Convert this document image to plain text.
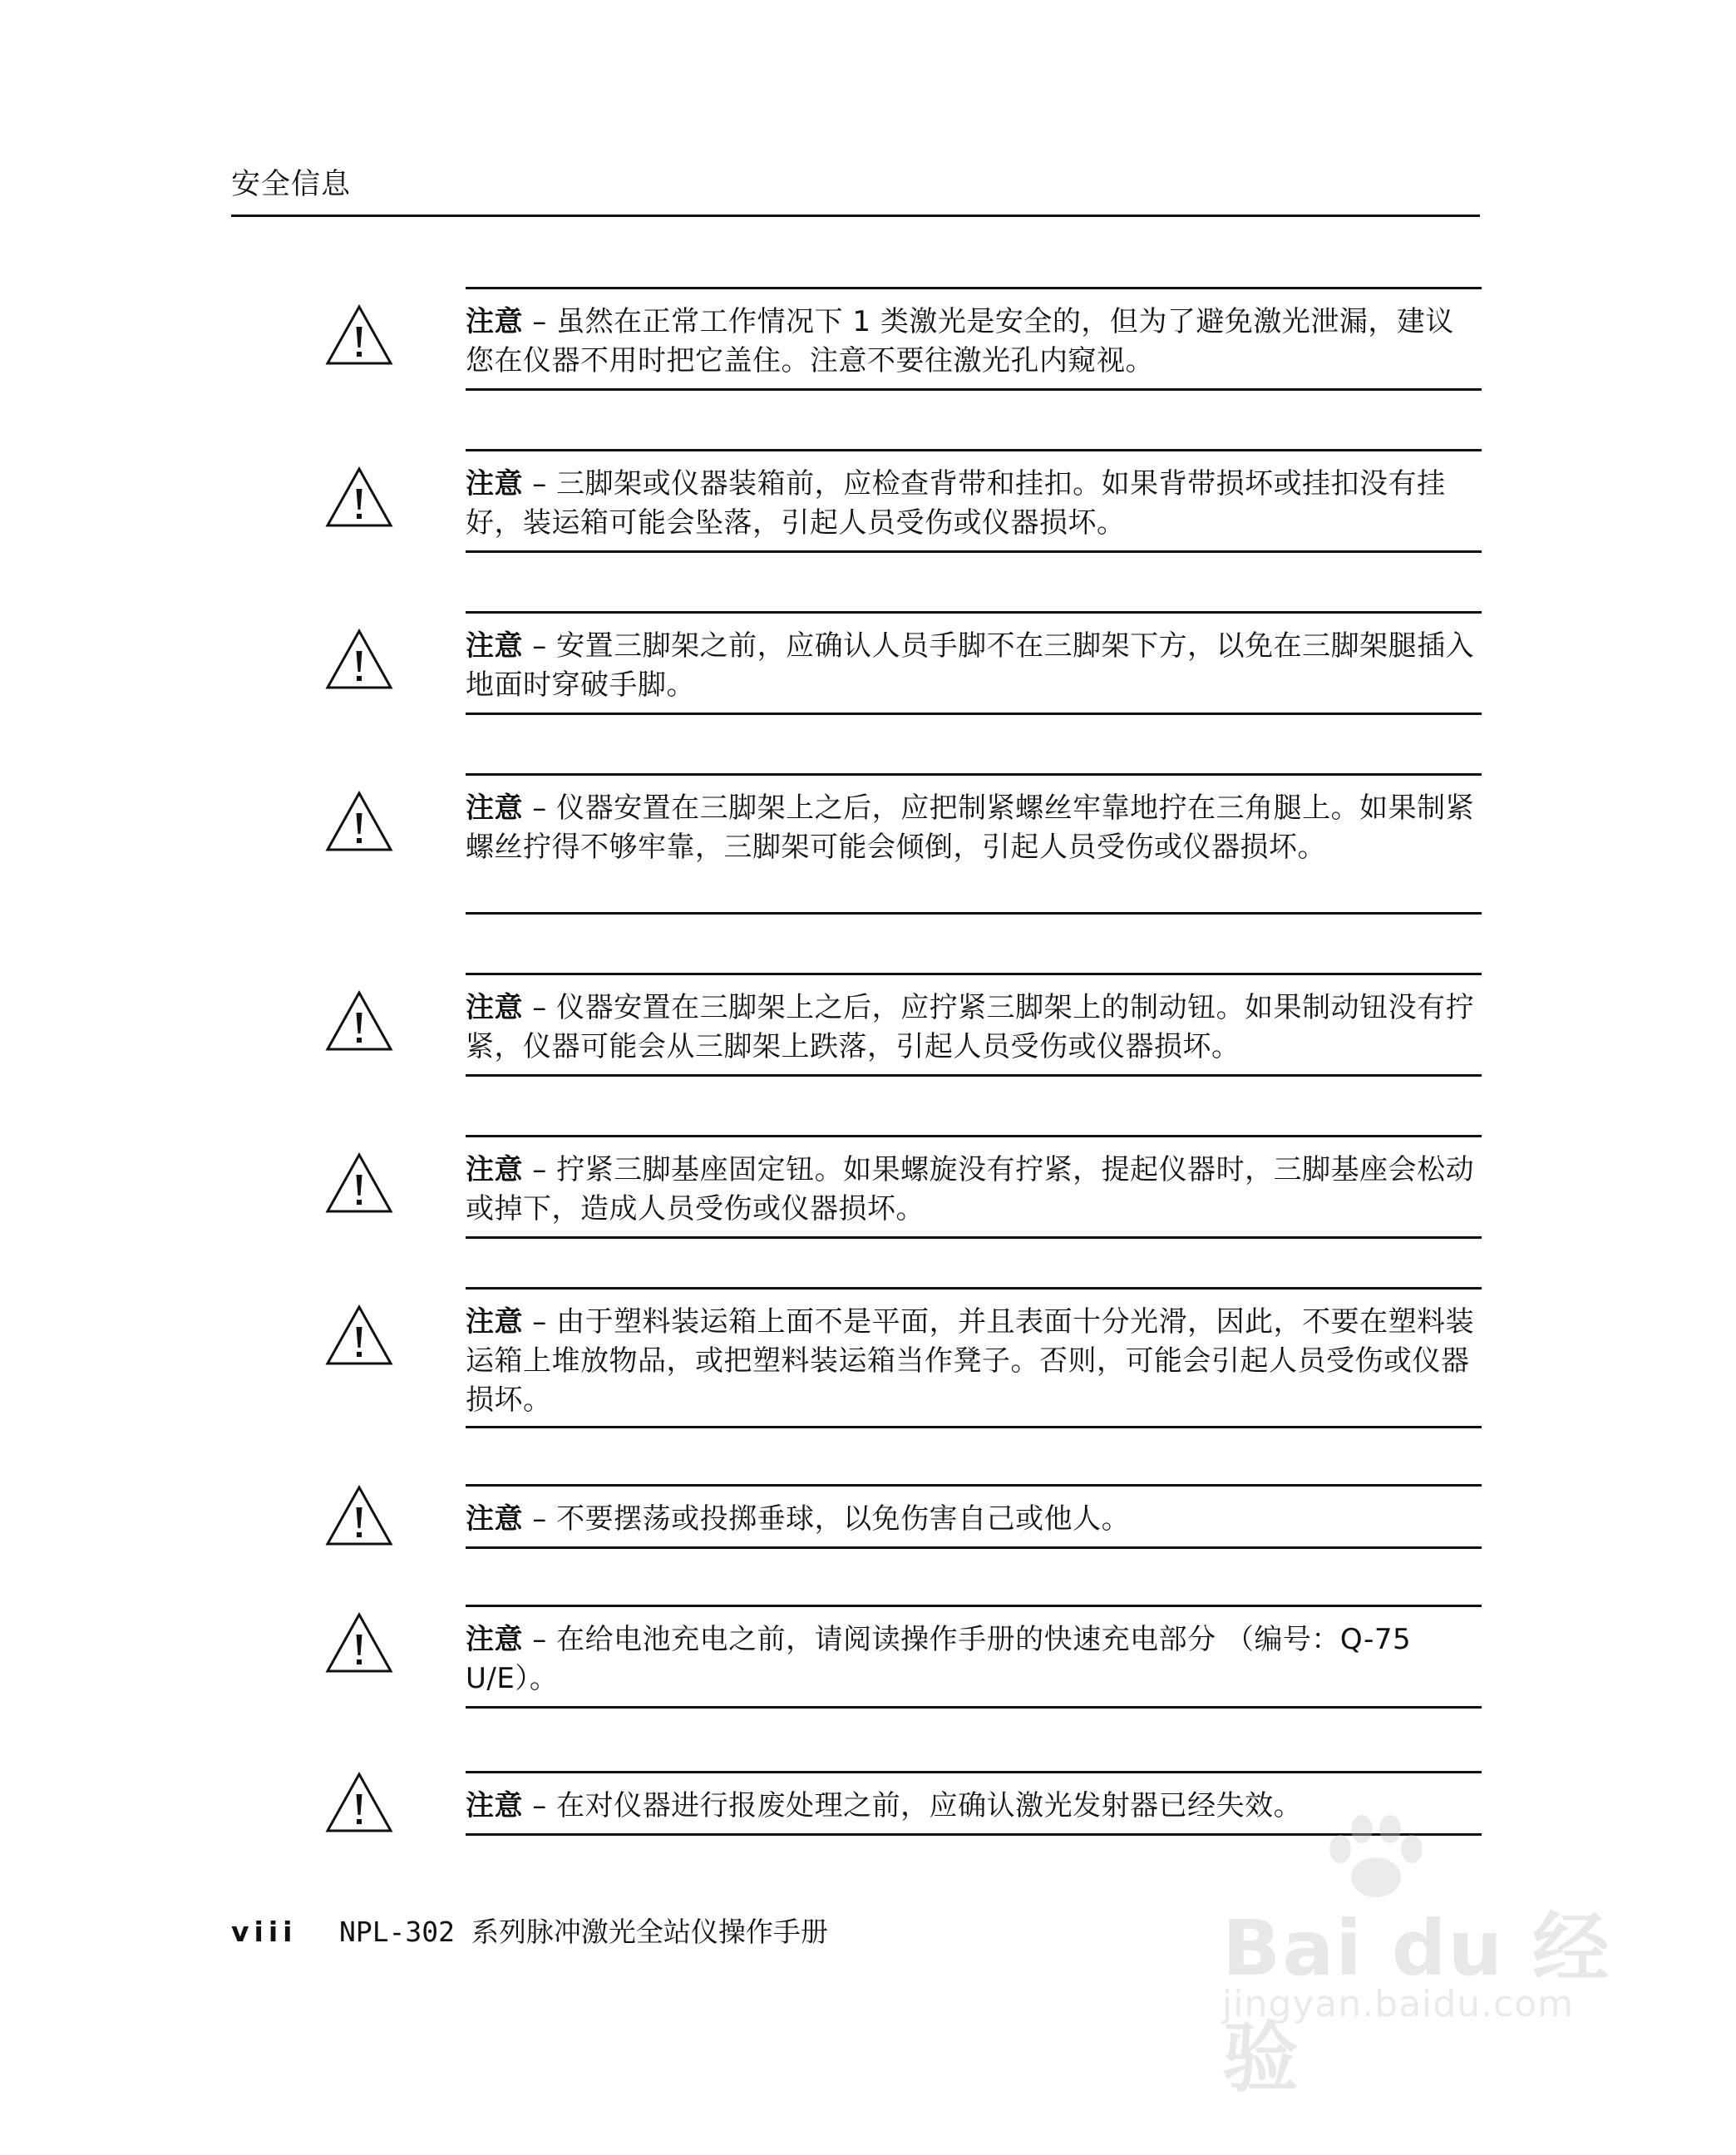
安全信息
注意 – 虽然在正常工作情况下 1 类激光是安全的，但为了避免激光泄漏，建议您在仪器不用时把它盖住。注意不要往激光孔内窥视。
注意 – 三脚架或仪器装箱前，应检查背带和挂扣。如果背带损坏或挂扣没有挂好，装运箱可能会坠落，引起人员受伤或仪器损坏。
注意 – 安置三脚架之前，应确认人员手脚不在三脚架下方，以免在三脚架腿插入地面时穿破手脚。
注意 – 仪器安置在三脚架上之后，应把制紧螺丝牢靠地拧在三角腿上。如果制紧螺丝拧得不够牢靠，三脚架可能会倾倒，引起人员受伤或仪器损坏。
注意 – 仪器安置在三脚架上之后，应拧紧三脚架上的制动钮。如果制动钮没有拧紧，仪器可能会从三脚架上跌落，引起人员受伤或仪器损坏。
注意 – 拧紧三脚基座固定钮。如果螺旋没有拧紧，提起仪器时，三脚基座会松动或掉下，造成人员受伤或仪器损坏。
注意 – 由于塑料装运箱上面不是平面，并且表面十分光滑，因此，不要在塑料装运箱上堆放物品，或把塑料装运箱当作凳子。否则，可能会引起人员受伤或仪器损坏。
注意 – 不要摆荡或投掷垂球，以免伤害自己或他人。
注意 – 在给电池充电之前，请阅读操作手册的快速充电部分 （编号：Q-75 U/E）。
注意 – 在对仪器进行报废处理之前，应确认激光发射器已经失效。
viii NPL-302 系列脉冲激光全站仪操作手册	Bai du 经验
jingyan.baidu.com
